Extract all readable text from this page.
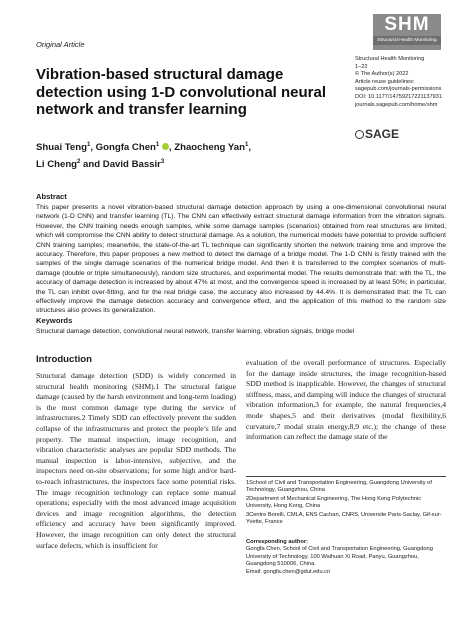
Original Article
SHM
Structural Health Monitoring
Structural Health Monitoring
1–22
© The Author(s) 2022
Article reuse guidelines:
sagepub.com/journals-permissions
DOI: 10.1177/14759217221137931
journals.sagepub.com/home/shm
SAGE
Vibration-based structural damage detection using 1-D convolutional neural network and transfer learning
Shuai Teng$^1$, Gongfa Chen$^1$ , Zhaocheng Yan$^1$,
Li Cheng$^2$ and David Bassir$^3$
Abstract

This paper presents a novel vibration-based structural damage detection approach by using a one-dimensional convolutional neural network (1-D CNN) and transfer learning (TL). The CNN can effectively extract structural damage information from the vibration signals. However, the CNN training needs enough samples, while some damage samples (scenarios) obtained from real structures are limited, which will compromise the CNN ability to detect structural damage. As a solution, the numerical models have potential to provide sufficient CNN training samples; meanwhile, the state-of-the-art TL technique can significantly shorten the network training time and improve the accuracy. Therefore, this paper proposes a new method to detect the damage of a bridge model. The 1-D CNN is firstly trained with the samples of the single damage scenarios of the numerical bridge model. And then it is transferred to the complex scenarios of multi-damage (double or triple simultaneously), random size structures, and experimental model. The results demonstrate that: with the TL, the accuracy of damage detection is increased by about 47% at most, and the convergence speed is increased by at least 50%; in particular, the TL can inhibit over-fitting, and for the real bridge case, the accuracy also increased by 44.4%. It is demonstrated that: the TL can effectively improve the damage detection accuracy and convergence effect, and the application of this method to the random size structures also proves its generalization.

Keywords

Structural damage detection, convolutional neural network, transfer learning, vibration signals, bridge model

Introduction

Structural damage detection (SDD) is widely concerned in structural health monitoring (SHM).1 The structural fatigue damage (caused by the harsh environment and long-term loading) is the most common damage type during the service of infrastructures.2 Timely SDD can effectively prevent the sudden collapse of the infrastructures and protect the people’s life and property. The manual inspection, image recognition, and vibration characteristic analyses are popular SDD methods. The manual inspection is labor-intensive, subjective, and the inspectors need on-site observations; for some high and/or hard-to-reach infrastructures, the inspectors face some potential risks. The image recognition technology can replace some manual operations; especially with the most advanced image acquisition devices and image recognition algorithms, the detection efficiency and accuracy have been significantly improved. However, the image recognition can only detect the structural surface defects, which is insufficient for

evaluation of the overall performance of structures. Especially for the damage inside structures, the image recognition-based SDD method is inapplicable. However, the changes of structural stiffness, mass, and damping will induce the changes of structural vibration information,3 for example, the natural frequencies,4 mode shapes,5 and their derivatives (modal flexibility,6 curvature,7 modal strain energy,8,9 etc.); the change of these information can reflect the damage state of the

1School of Civil and Transportation Engineering, Guangdong University of Technology, Guangzhou, China

2Department of Mechanical Engineering, The Hong Kong Polytechnic University, Hong Kong, China

3Centre Borelli, CMLA, ENS Cachan, CNRS, Universite Paris-Saclay, Gif-sur-Yvette, France

Corresponding author:
Gongfa Chen, School of Civil and Transportation Engineering, Guangdong University of Technology, 100 Waihuan Xi Road, Panyu, Guangzhou, Guangdong 510006, China.
Email: gongfa.chen@gdut.edu.cn
